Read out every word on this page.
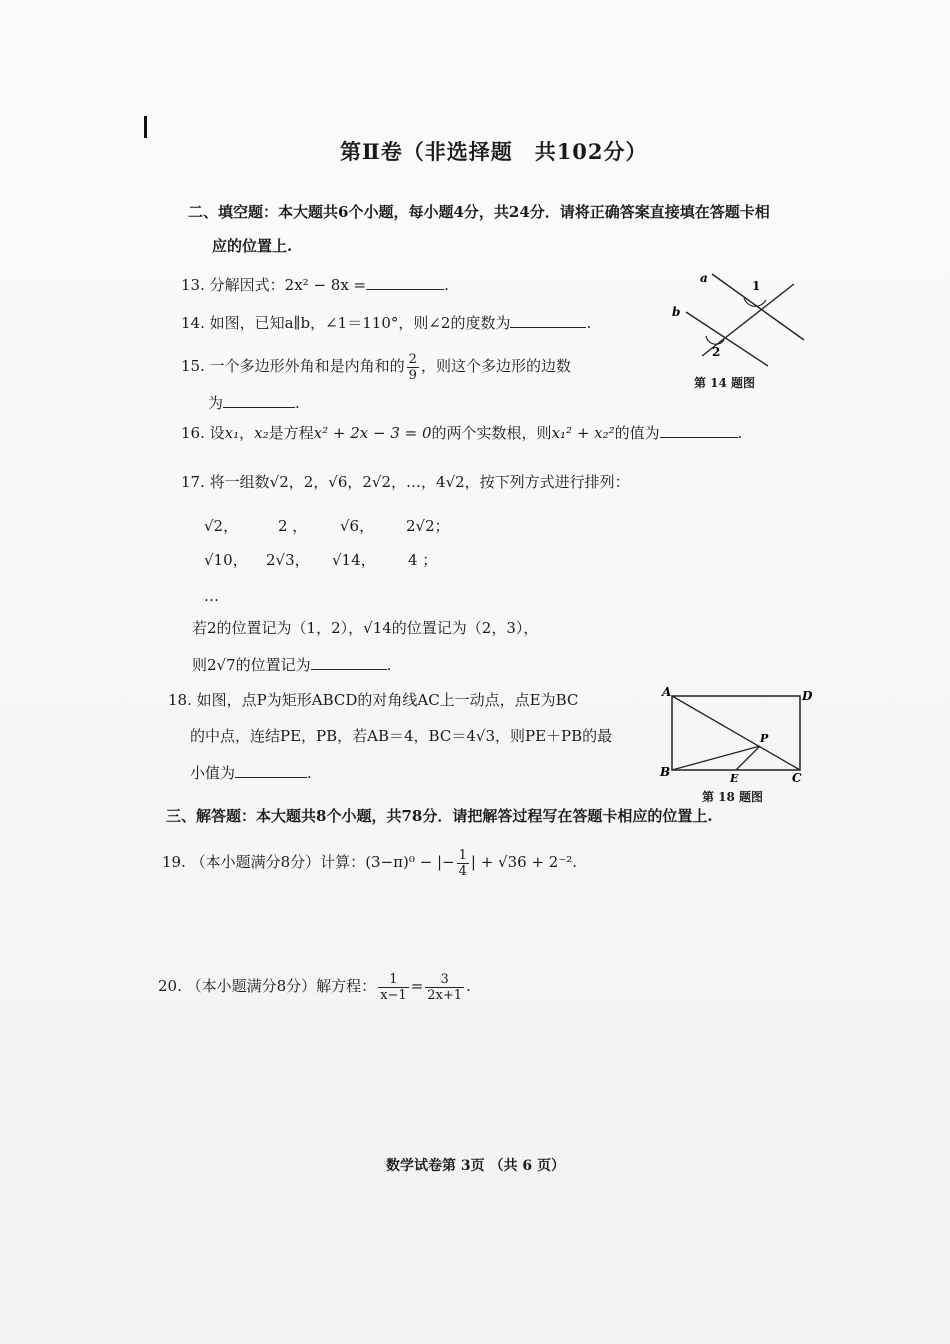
第Ⅱ卷（非选择题　共102分）
二、填空题：本大题共6个小题，每小题4分，共24分．请将正确答案直接填在答题卡相
应的位置上.
13. 分解因式：2x² − 8x =	.
14. 如图，已知a∥b，∠1＝110°，则∠2的度数为	.
15. 一个多边形外角和是内角和的 $\frac{2}{9}$ ，则这个多边形的边数
为	.
16. 设x₁，x₂是方程x² + 2x − 3 = 0的两个实数根，则x₁² + x₂²的值为	.
17. 将一组数√2，2，√6，2√2，…，4√2，按下列方式进行排列：
√2，	2 ， √6， 2√2；
√10， 2√3， √14， 4 ；
…
若2的位置记为（1，2），√14的位置记为（2，3），
则2√7的位置记为	.
18. 如图，点P为矩形ABCD的对角线AC上一动点，点E为BC
的中点，连结PE，PB，若AB＝4，BC＝4√3，则PE＋PB的最
小值为	.
三、解答题：本大题共8个小题，共78分．请把解答过程写在答题卡相应的位置上.
19. （本小题满分8分）计算：(3−π)⁰ − |− $\frac{1}{4}$ | + √36 + 2⁻².
20. （本小题满分8分）解方程： $\frac{1}{x-1} = \frac{3}{2x+1}$ .
a
b
1
2
第 14 题图
A	D
B	C
P
E
第 18 题图
数学试卷第 3页 （共 6 页）
